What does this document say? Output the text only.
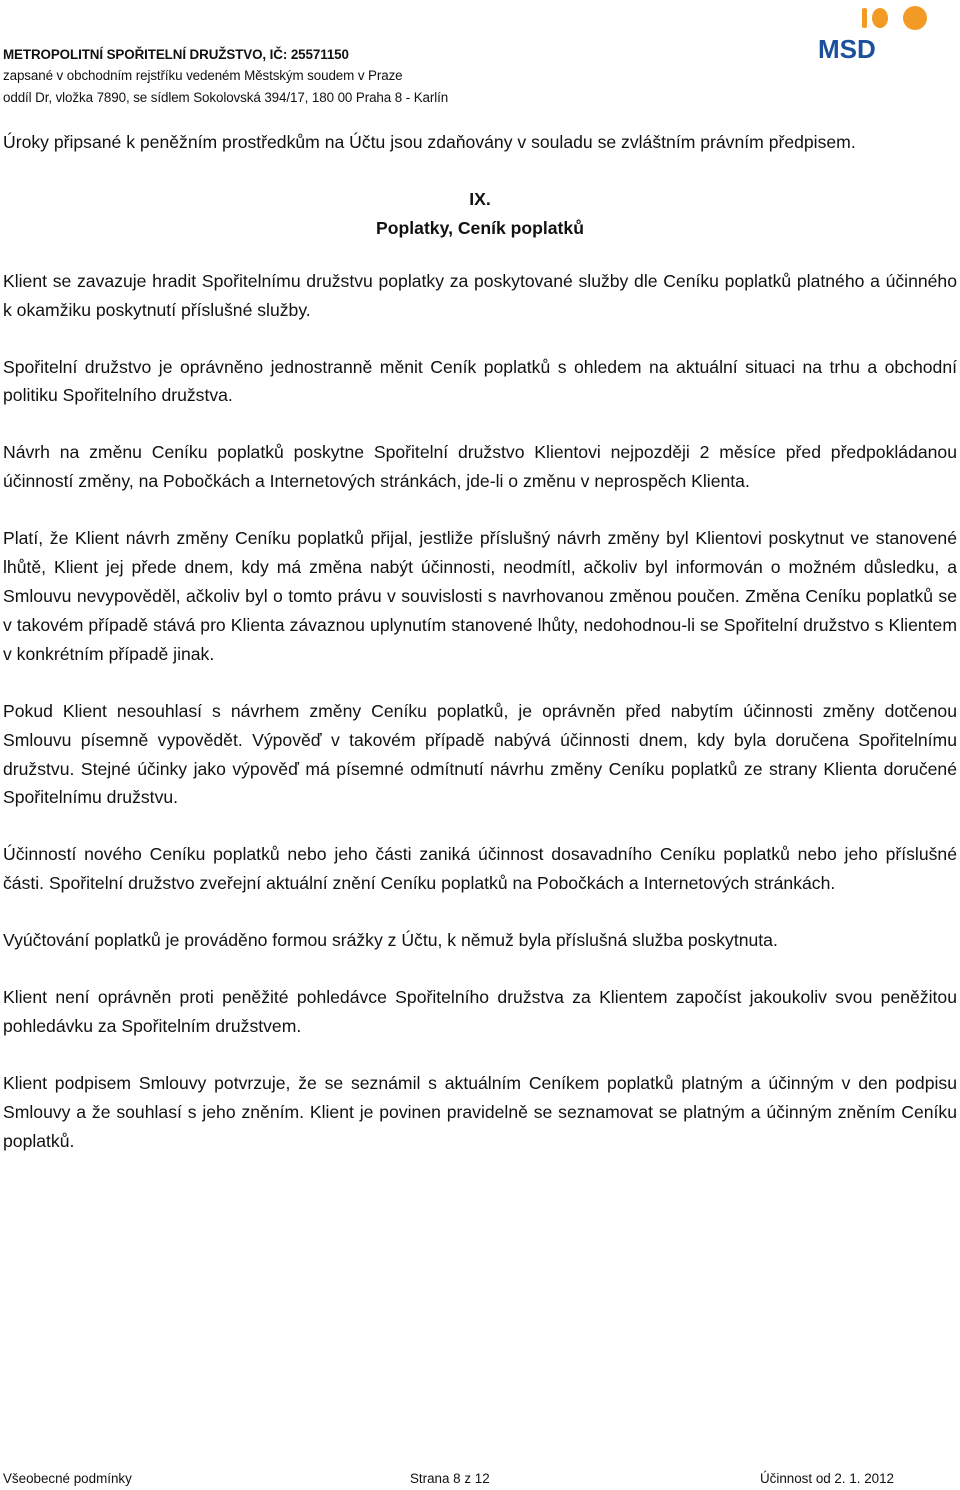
METROPOLITNÍ SPOŘITELNÍ DRUŽSTVO, IČ: 25571150
zapsané v obchodním rejstříku vedeném Městským soudem v Praze
oddíl Dr, vložka 7890, se sídlem Sokolovská 394/17, 180 00 Praha 8 - Karlín
MSD

Úroky připsané k peněžním prostředkům na Účtu jsou zdaňovány v souladu se zvláštním právním předpisem.

IX.
Poplatky, Ceník poplatků

Klient se zavazuje hradit Spořitelnímu družstvu poplatky za poskytované služby dle Ceníku poplatků platného a účinného k okamžiku poskytnutí příslušné služby.

Spořitelní družstvo je oprávněno jednostranně měnit Ceník poplatků s ohledem na aktuální situaci na trhu a obchodní politiku Spořitelního družstva.

Návrh na změnu Ceníku poplatků poskytne Spořitelní družstvo Klientovi nejpozději 2 měsíce před předpokládanou účinností změny, na Pobočkách a Internetových stránkách, jde-li o změnu v neprospěch Klienta.

Platí, že Klient návrh změny Ceníku poplatků přijal, jestliže příslušný návrh změny byl Klientovi poskytnut ve stanovené lhůtě, Klient jej přede dnem, kdy má změna nabýt účinnosti, neodmítl, ačkoliv byl informován o možném důsledku, a Smlouvu nevypověděl, ačkoliv byl o tomto právu v souvislosti s navrhovanou změnou poučen. Změna Ceníku poplatků se v takovém případě stává pro Klienta závaznou uplynutím stanovené lhůty, nedohodnou-li se Spořitelní družstvo s Klientem v konkrétním případě jinak.

Pokud Klient nesouhlasí s návrhem změny Ceníku poplatků, je oprávněn před nabytím účinnosti změny dotčenou Smlouvu písemně vypovědět. Výpověď v takovém případě nabývá účinnosti dnem, kdy byla doručena Spořitelnímu družstvu. Stejné účinky jako výpověď má písemné odmítnutí návrhu změny Ceníku poplatků ze strany Klienta doručené Spořitelnímu družstvu.

Účinností nového Ceníku poplatků nebo jeho části zaniká účinnost dosavadního Ceníku poplatků nebo jeho příslušné části. Spořitelní družstvo zveřejní aktuální znění Ceníku poplatků na Pobočkách a Internetových stránkách.

Vyúčtování poplatků je prováděno formou srážky z Účtu, k němuž byla příslušná služba poskytnuta.

Klient není oprávněn proti peněžité pohledávce Spořitelního družstva za Klientem započíst jakoukoliv svou peněžitou pohledávku za Spořitelním družstvem.

Klient podpisem Smlouvy potvrzuje, že se seznámil s aktuálním Ceníkem poplatků platným a účinným v den podpisu Smlouvy a že souhlasí s jeho zněním. Klient je povinen pravidelně se seznamovat se platným a účinným zněním Ceníku poplatků.

Všeobecné podmínky	Strana 8 z 12	Účinnost od 2. 1. 2012
